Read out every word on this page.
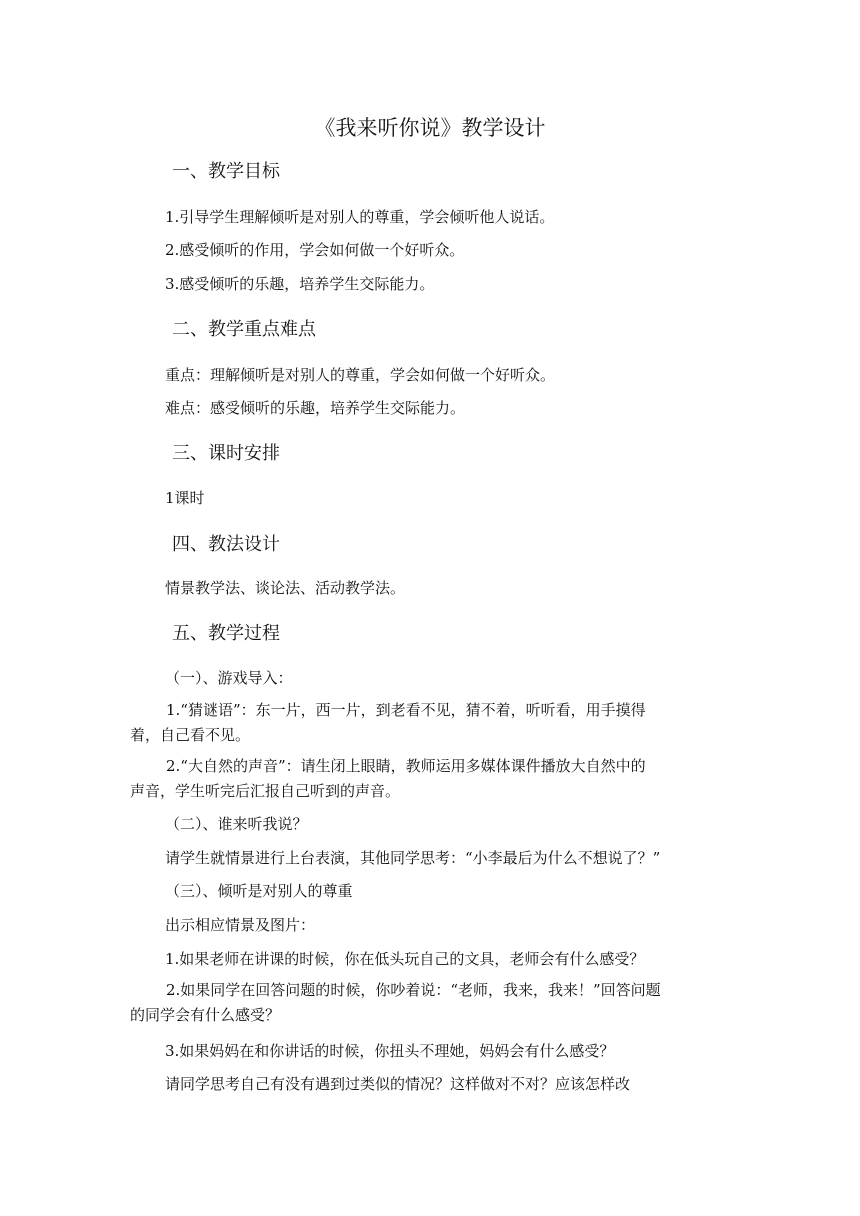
《我来听你说》教学设计
一、教学目标
1.引导学生理解倾听是对别人的尊重，学会倾听他人说话。
2.感受倾听的作用，学会如何做一个好听众。
3.感受倾听的乐趣，培养学生交际能力。
二、教学重点难点
重点：理解倾听是对别人的尊重，学会如何做一个好听众。
难点：感受倾听的乐趣，培养学生交际能力。
三、课时安排
1课时
四、教法设计
情景教学法、谈论法、活动教学法。
五、教学过程
（一）、游戏导入：
1.“猜谜语”：东一片，西一片，到老看不见，猜不着，听听看，用手摸得
着，自己看不见。
2.“大自然的声音”：请生闭上眼睛，教师运用多媒体课件播放大自然中的
声音，学生听完后汇报自己听到的声音。
（二）、谁来听我说？
请学生就情景进行上台表演，其他同学思考：“小李最后为什么不想说了？”
（三）、倾听是对别人的尊重
出示相应情景及图片：
1.如果老师在讲课的时候，你在低头玩自己的文具，老师会有什么感受？
2.如果同学在回答问题的时候，你吵着说：“老师，我来，我来！”回答问题
的同学会有什么感受？
3.如果妈妈在和你讲话的时候，你扭头不理她，妈妈会有什么感受？
请同学思考自己有没有遇到过类似的情况？这样做对不对？应该怎样改
